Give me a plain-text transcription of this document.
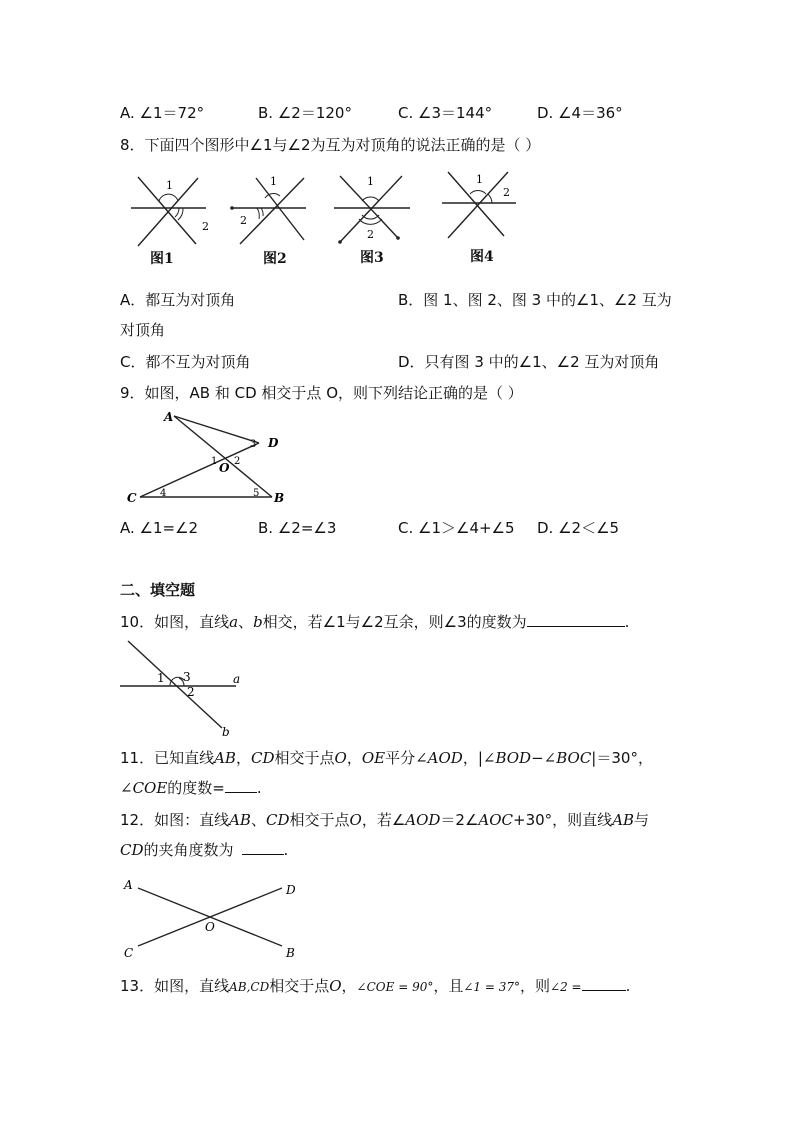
A. ∠1＝72°	B. ∠2＝120°	C. ∠3＝144°	D. ∠4＝36°
8．下面四个图形中∠1与∠2为互为对顶角的说法正确的是（ ）
1
2
图1
1
2
图2
1
2
图3
1
2
图4
A．都互为对顶角	B．图 1、图 2、图 3 中的∠1、∠2 互为
对顶角
C．都不互为对顶角	D．只有图 3 中的∠1、∠2 互为对顶角
9．如图，AB 和 CD 相交于点 O，则下列结论正确的是（ ）
A
D
C	B
O
1 2
3
4	5
A. ∠1=∠2	B. ∠2=∠3	C. ∠1＞∠4+∠5 D. ∠2＜∠5
二、填空题
10．如图，直线a、b相交，若∠1与∠2互余，则∠3的度数为	.
1 3
2
a
b
11．已知直线AB，CD相交于点O，OE平分∠AOD，|∠BOD−∠BOC|＝30°，
∠COE的度数= .
12．如图：直线AB、CD相交于点O，若∠AOD＝2∠AOC+30°，则直线AB与
CD的夹角度数为	.
A	D
C	B
O
13．如图，直线AB,CD相交于点O，∠COE = 90°，且∠1 = 37°，则∠2 =	.
